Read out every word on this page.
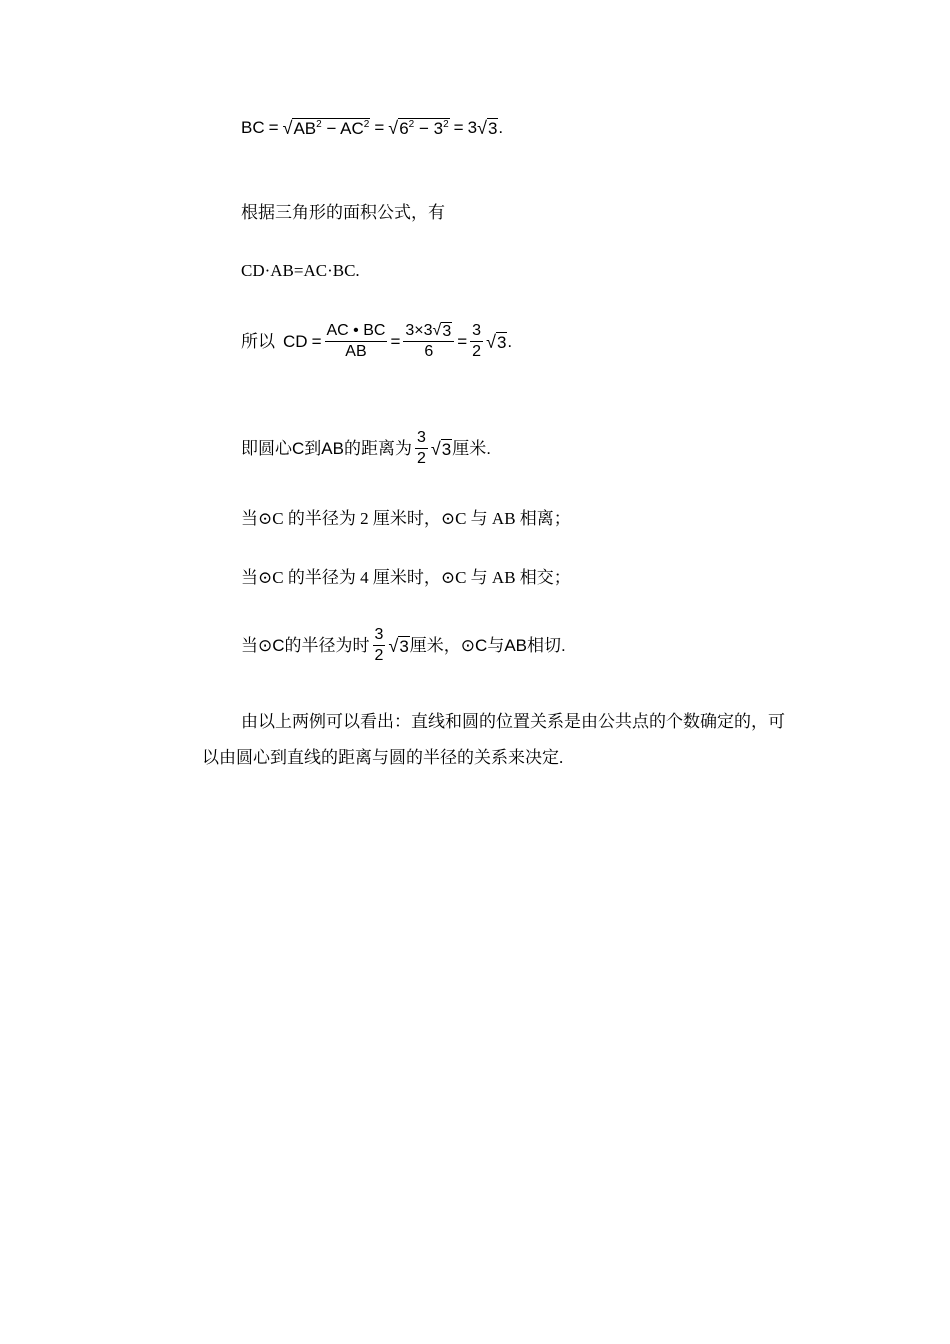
BC = √ $AB^2 - AC^2$ = √ $6^2 - 3^2 = 3$ √ 3 .
根据三角形的面积公式，有
CD·AB=AC·BC.
所以 CD = $\frac{AC • BC}{AB} = \frac{3\times 3 √ 3}{6} = \frac{3}{2}$ √ 3 .
即圆心C到AB的距离为 $\frac{3}{2}$ √ 3 厘米.
当⊙C 的半径为 2 厘米时，⊙C 与 AB 相离；
当⊙C 的半径为 4 厘米时，⊙C 与 AB 相交；
当⊙C的半径为时 $\frac{3}{2}$ √ 3 厘米，⊙C与AB相切.
由以上两例可以看出：直线和圆的位置关系是由公共点的个数确定的，可以由圆心到直线的距离与圆的半径的关系来决定.
